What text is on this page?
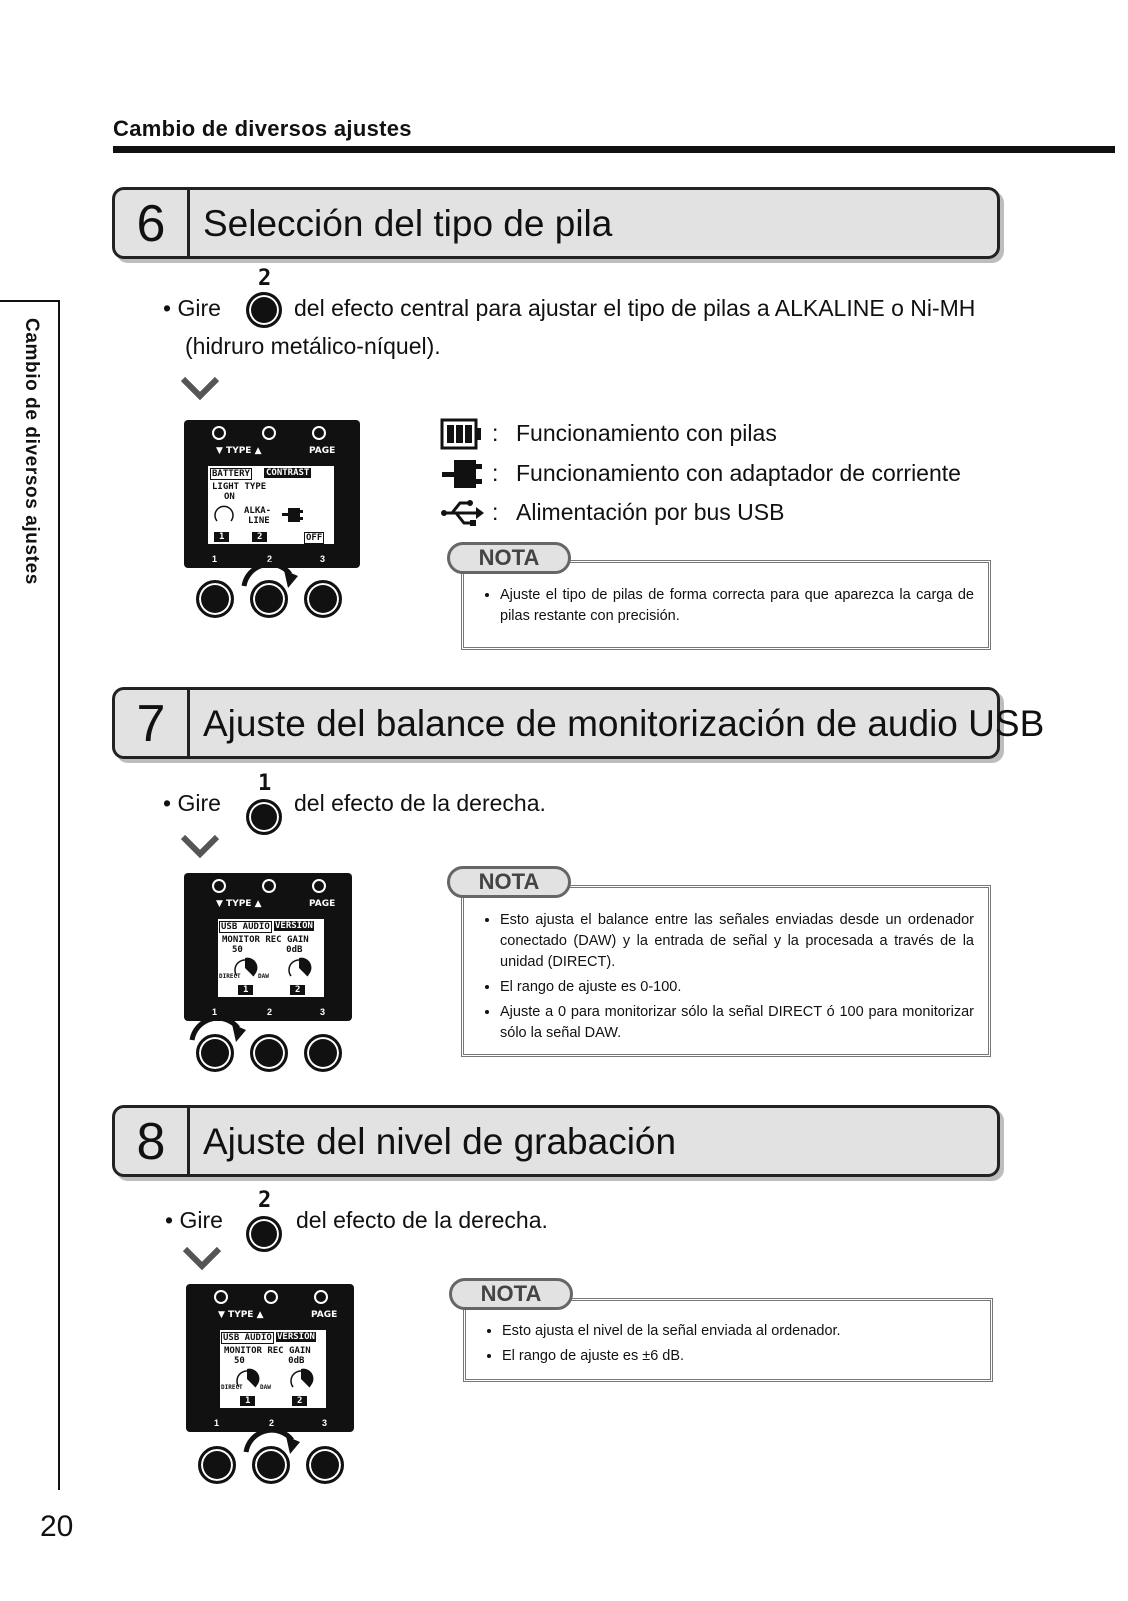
Cambio de diversos ajustes
Cambio de diversos ajustes
20
6	Selección del tipo de pila
• Gire
2
del efecto central para ajustar el tipo de pilas a ALKALINE o Ni-MH
(hidruro metálico-níquel).
▼ TYPE ▲	PAGE
BATTERY CONTRAST
LIGHT TYPE
ON
ALKA-
LINE
1	2	OFF
1	2	3
: Funcionamiento con pilas
: Funcionamiento con adaptador de corriente
: Alimentación por bus USB
• Ajuste el tipo de pilas de forma correcta para que aparezca la carga de pilas restante con precisión.
NOTA
7	Ajuste del balance de monitorización de audio USB
• Gire
1
del efecto de la derecha.
▼ TYPE ▲	PAGE
USB AUDIO VERSION
MONITOR REC GAIN
50        0dB
DIRECT	DAW
1	2
1	2	3
• Esto ajusta el balance entre las señales enviadas desde un ordenador conectado (DAW) y la entrada de señal y la procesada a través de la unidad (DIRECT).
• El rango de ajuste es 0-100.
• Ajuste a 0 para monitorizar sólo la señal DIRECT ó 100 para monitorizar sólo la señal DAW.
NOTA
8	Ajuste del nivel de grabación
• Gire
2
del efecto de la derecha.
▼ TYPE ▲	PAGE
USB AUDIO VERSION
MONITOR REC GAIN
50        0dB
DIRECT	DAW
1	2
1	2	3
• Esto ajusta el nivel de la señal enviada al ordenador.
• El rango de ajuste es ±6 dB.
NOTA
